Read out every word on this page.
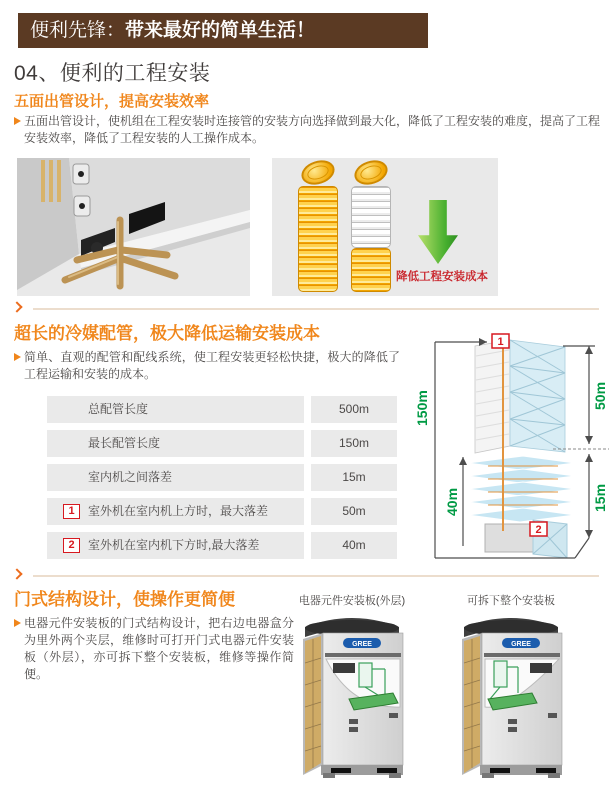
便利先锋：带来最好的简单生活！
04、便利的工程安装
五面出管设计，提高安装效率
五面出管设计，使机组在工程安装时连接管的安装方向选择做到最大化，降低了工程安装的难度，提高了工程安装效率，降低了工程安装的人工操作成本。
降低工程安装成本
超长的冷媒配管，极大降低运输安装成本
简单、直观的配管和配线系统，使工程安装更轻松快捷，极大的降低了工程运输和安装的成本。
总配管长度	500m
最长配管长度	150m
室内机之间落差	15m
1	室外机在室内机上方时，最大落差	50m
2	室外机在室内机下方时,最大落差	40m
150m
40m
50m
15m
1
2
门式结构设计，使操作更简便
电器元件安装板的门式结构设计，把右边电器盒分为里外两个夹层，维修时可打开门式电器元件安装板（外层），亦可拆下整个安装板，维修等操作简便。
电器元件安装板(外层)	可拆下整个安装板
GREE	GREE
